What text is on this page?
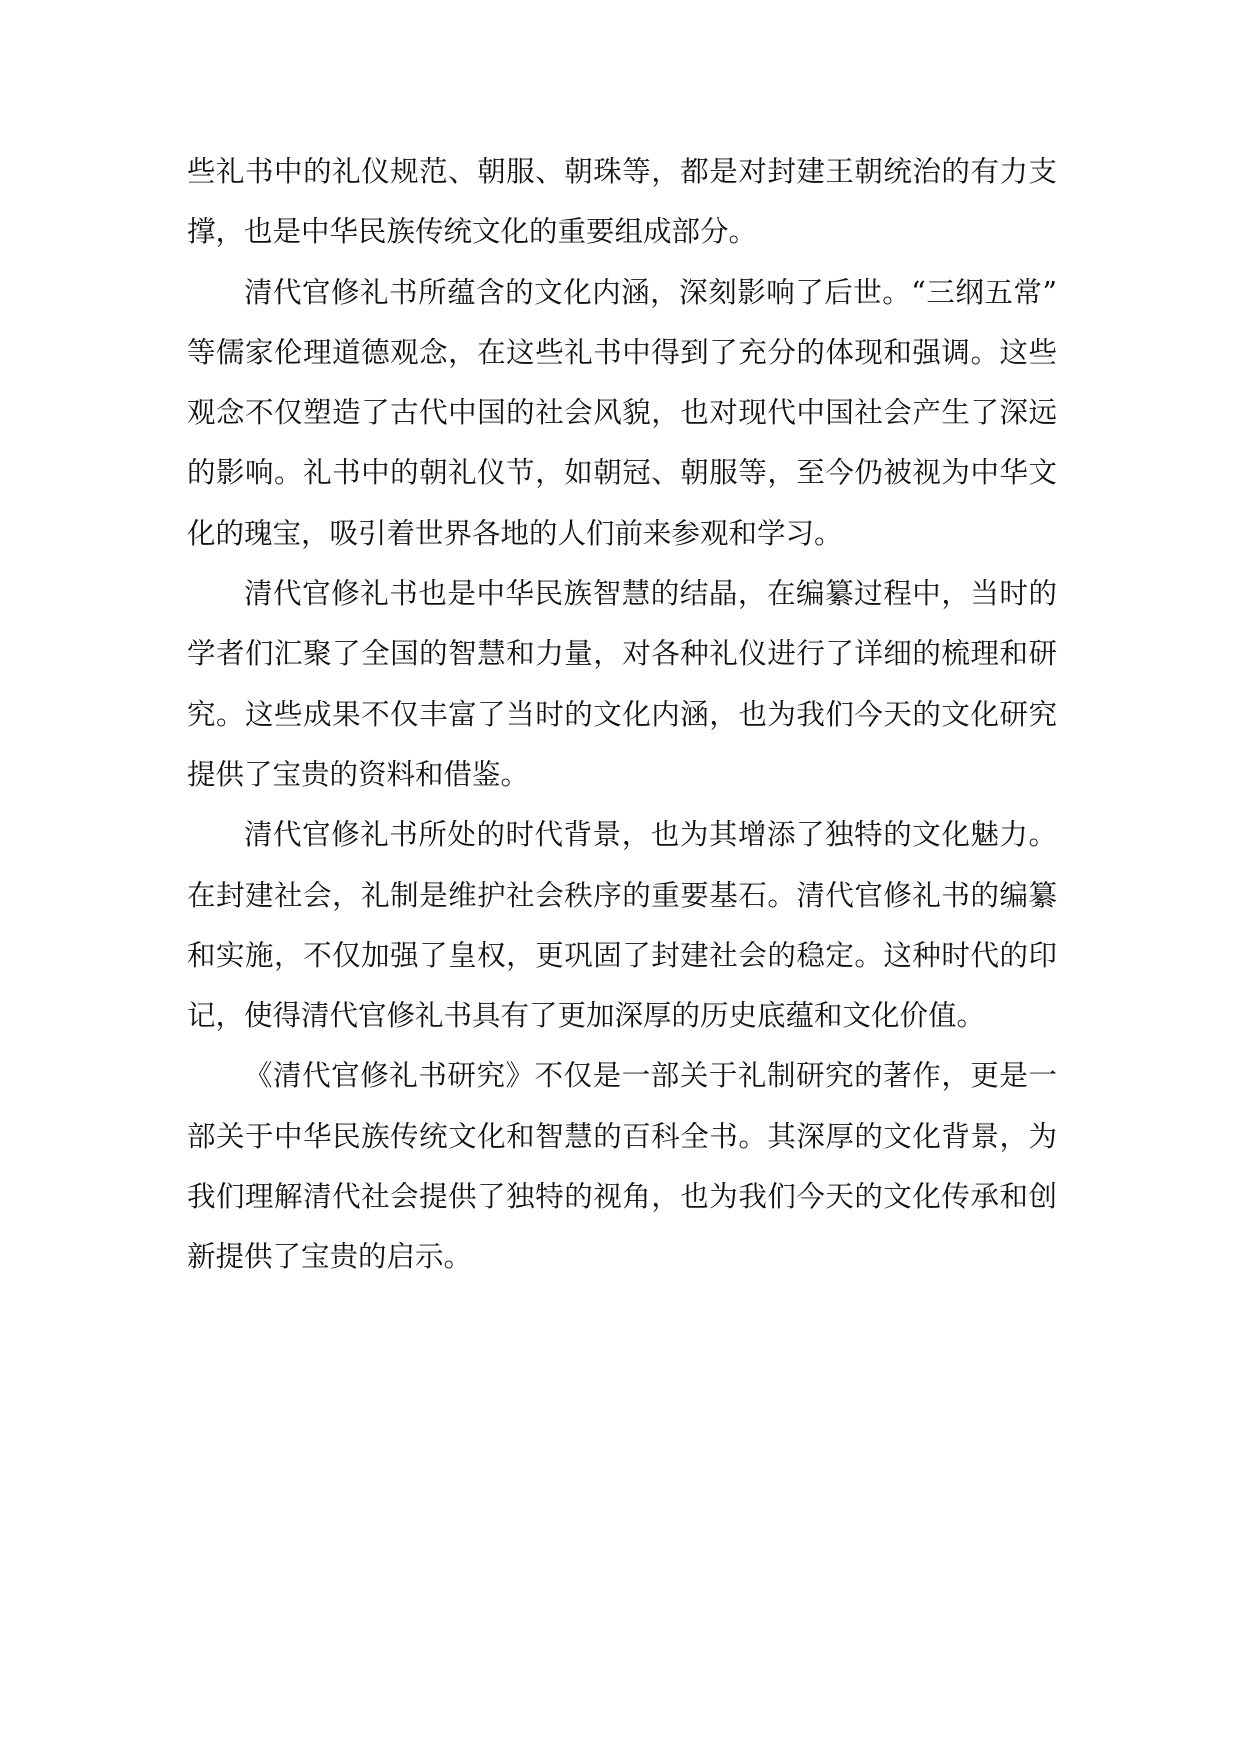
些礼书中的礼仪规范、朝服、朝珠等，都是对封建王朝统治的有力支撑，也是中华民族传统文化的重要组成部分。

清代官修礼书所蕴含的文化内涵，深刻影响了后世。“三纲五常”等儒家伦理道德观念，在这些礼书中得到了充分的体现和强调。这些观念不仅塑造了古代中国的社会风貌，也对现代中国社会产生了深远的影响。礼书中的朝礼仪节，如朝冠、朝服等，至今仍被视为中华文化的瑰宝，吸引着世界各地的人们前来参观和学习。

清代官修礼书也是中华民族智慧的结晶，在编纂过程中，当时的学者们汇聚了全国的智慧和力量，对各种礼仪进行了详细的梳理和研究。这些成果不仅丰富了当时的文化内涵，也为我们今天的文化研究提供了宝贵的资料和借鉴。

清代官修礼书所处的时代背景，也为其增添了独特的文化魅力。在封建社会，礼制是维护社会秩序的重要基石。清代官修礼书的编纂和实施，不仅加强了皇权，更巩固了封建社会的稳定。这种时代的印记，使得清代官修礼书具有了更加深厚的历史底蕴和文化价值。

《清代官修礼书研究》不仅是一部关于礼制研究的著作，更是一部关于中华民族传统文化和智慧的百科全书。其深厚的文化背景，为我们理解清代社会提供了独特的视角，也为我们今天的文化传承和创新提供了宝贵的启示。
